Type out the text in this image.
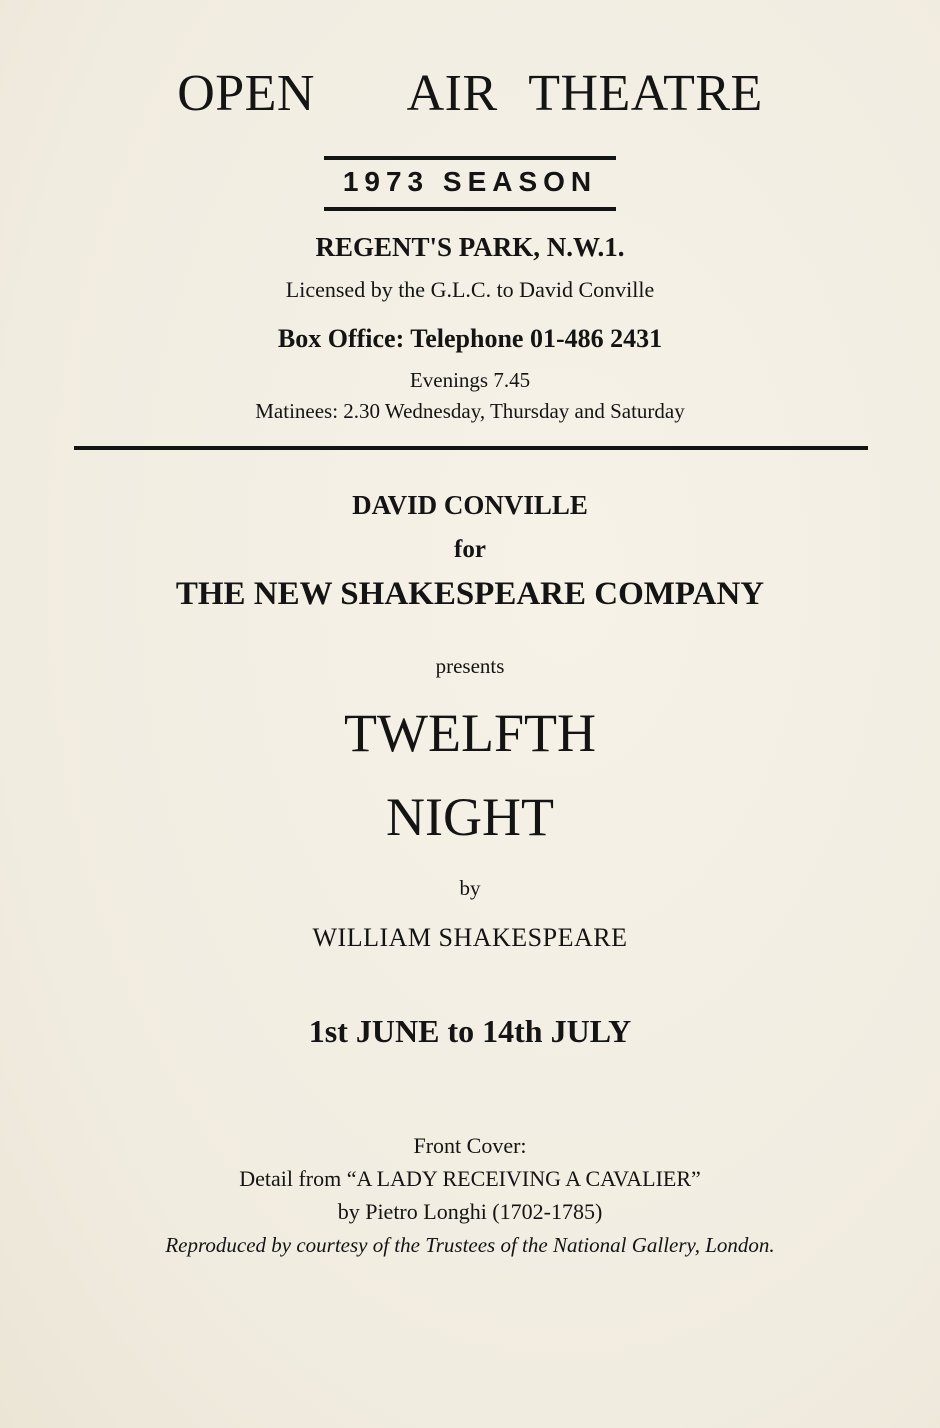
OPEN   AIR THEATRE
1973 SEASON
REGENT'S PARK, N.W.1.
Licensed by the G.L.C. to David Conville
Box Office: Telephone 01-486 2431
Evenings 7.45
Matinees: 2.30 Wednesday, Thursday and Saturday
DAVID CONVILLE
for
THE NEW SHAKESPEARE COMPANY
presents
TWELFTH
NIGHT
by
WILLIAM SHAKESPEARE
1st JUNE to 14th JULY
Front Cover:
Detail from “A LADY RECEIVING A CAVALIER”
by Pietro Longhi (1702-1785)
Reproduced by courtesy of the Trustees of the National Gallery, London.
